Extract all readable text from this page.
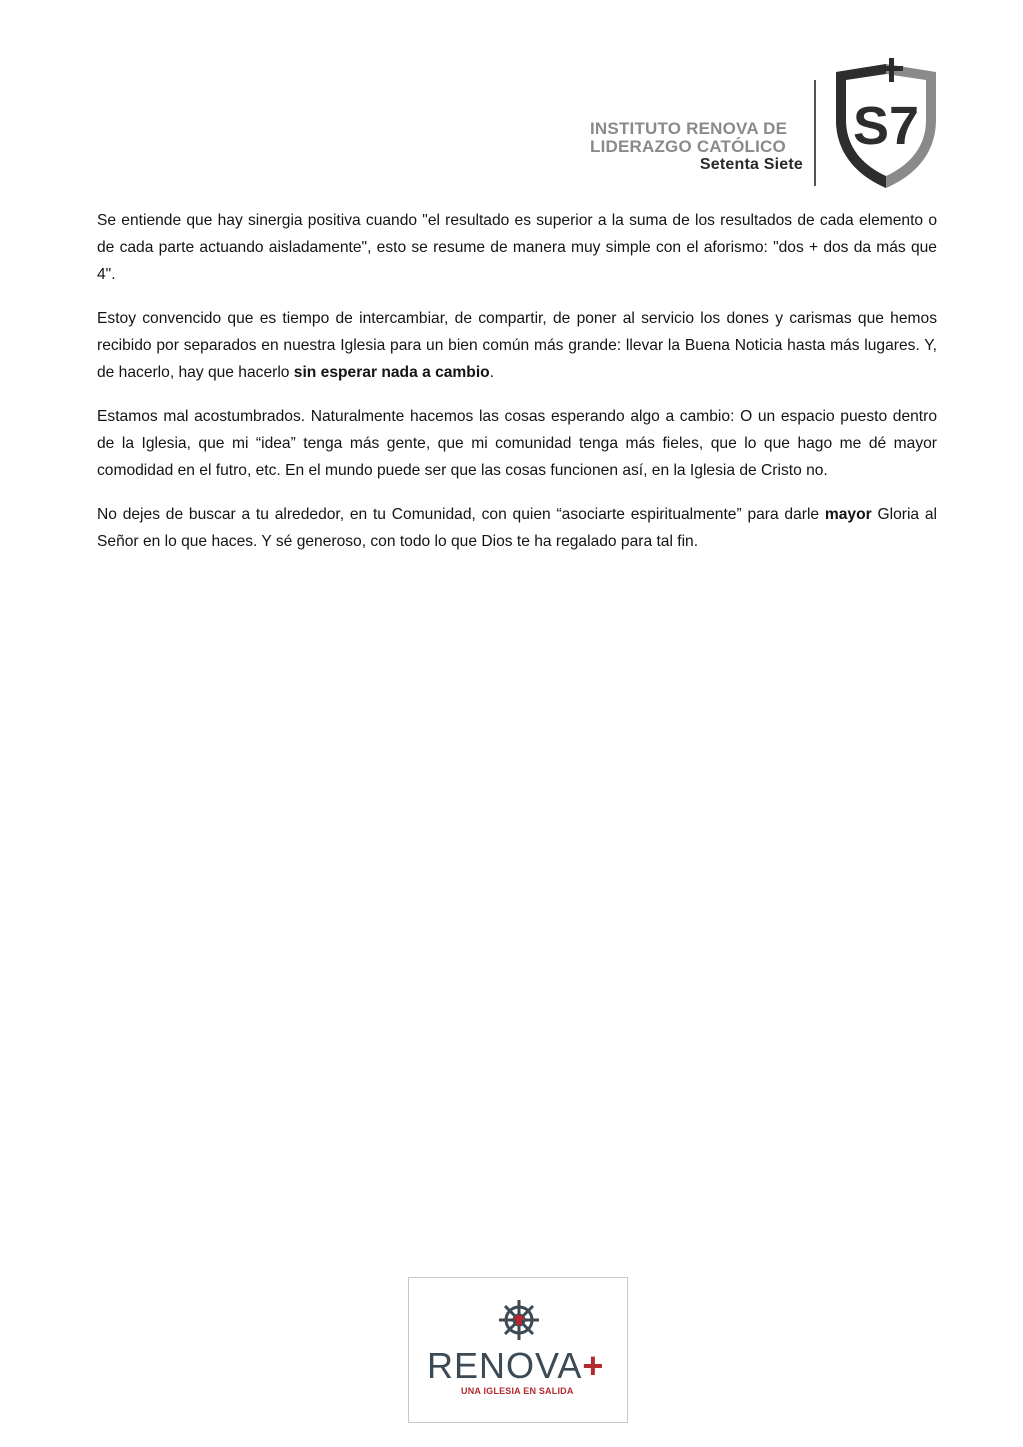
INSTITUTO RENOVA DE
LIDERAZGO CATÓLICO
Setenta Siete
S7

Se entiende que hay sinergia positiva cuando "el resultado es superior a la suma de los resultados de cada elemento o de cada parte actuando aisladamente", esto se resume de manera muy simple con el aforismo: "dos + dos da más que 4".

Estoy convencido que es tiempo de intercambiar, de compartir, de poner al servicio los dones y carismas que hemos recibido por separados en nuestra Iglesia para un bien común más grande: llevar la Buena Noticia hasta más lugares. Y, de hacerlo, hay que hacerlo sin esperar nada a cambio.

Estamos mal acostumbrados. Naturalmente hacemos las cosas esperando algo a cambio: O un espacio puesto dentro de la Iglesia, que mi “idea” tenga más gente, que mi comunidad tenga más fieles, que lo que hago me dé mayor comodidad en el futro, etc. En el mundo puede ser que las cosas funcionen así, en la Iglesia de Cristo no.

No dejes de buscar a tu alrededor, en tu Comunidad, con quien “asociarte espiritualmente” para darle mayor Gloria al Señor en lo que haces. Y sé generoso, con todo lo que Dios te ha regalado para tal fin.

RENOVA+
UNA IGLESIA EN SALIDA
